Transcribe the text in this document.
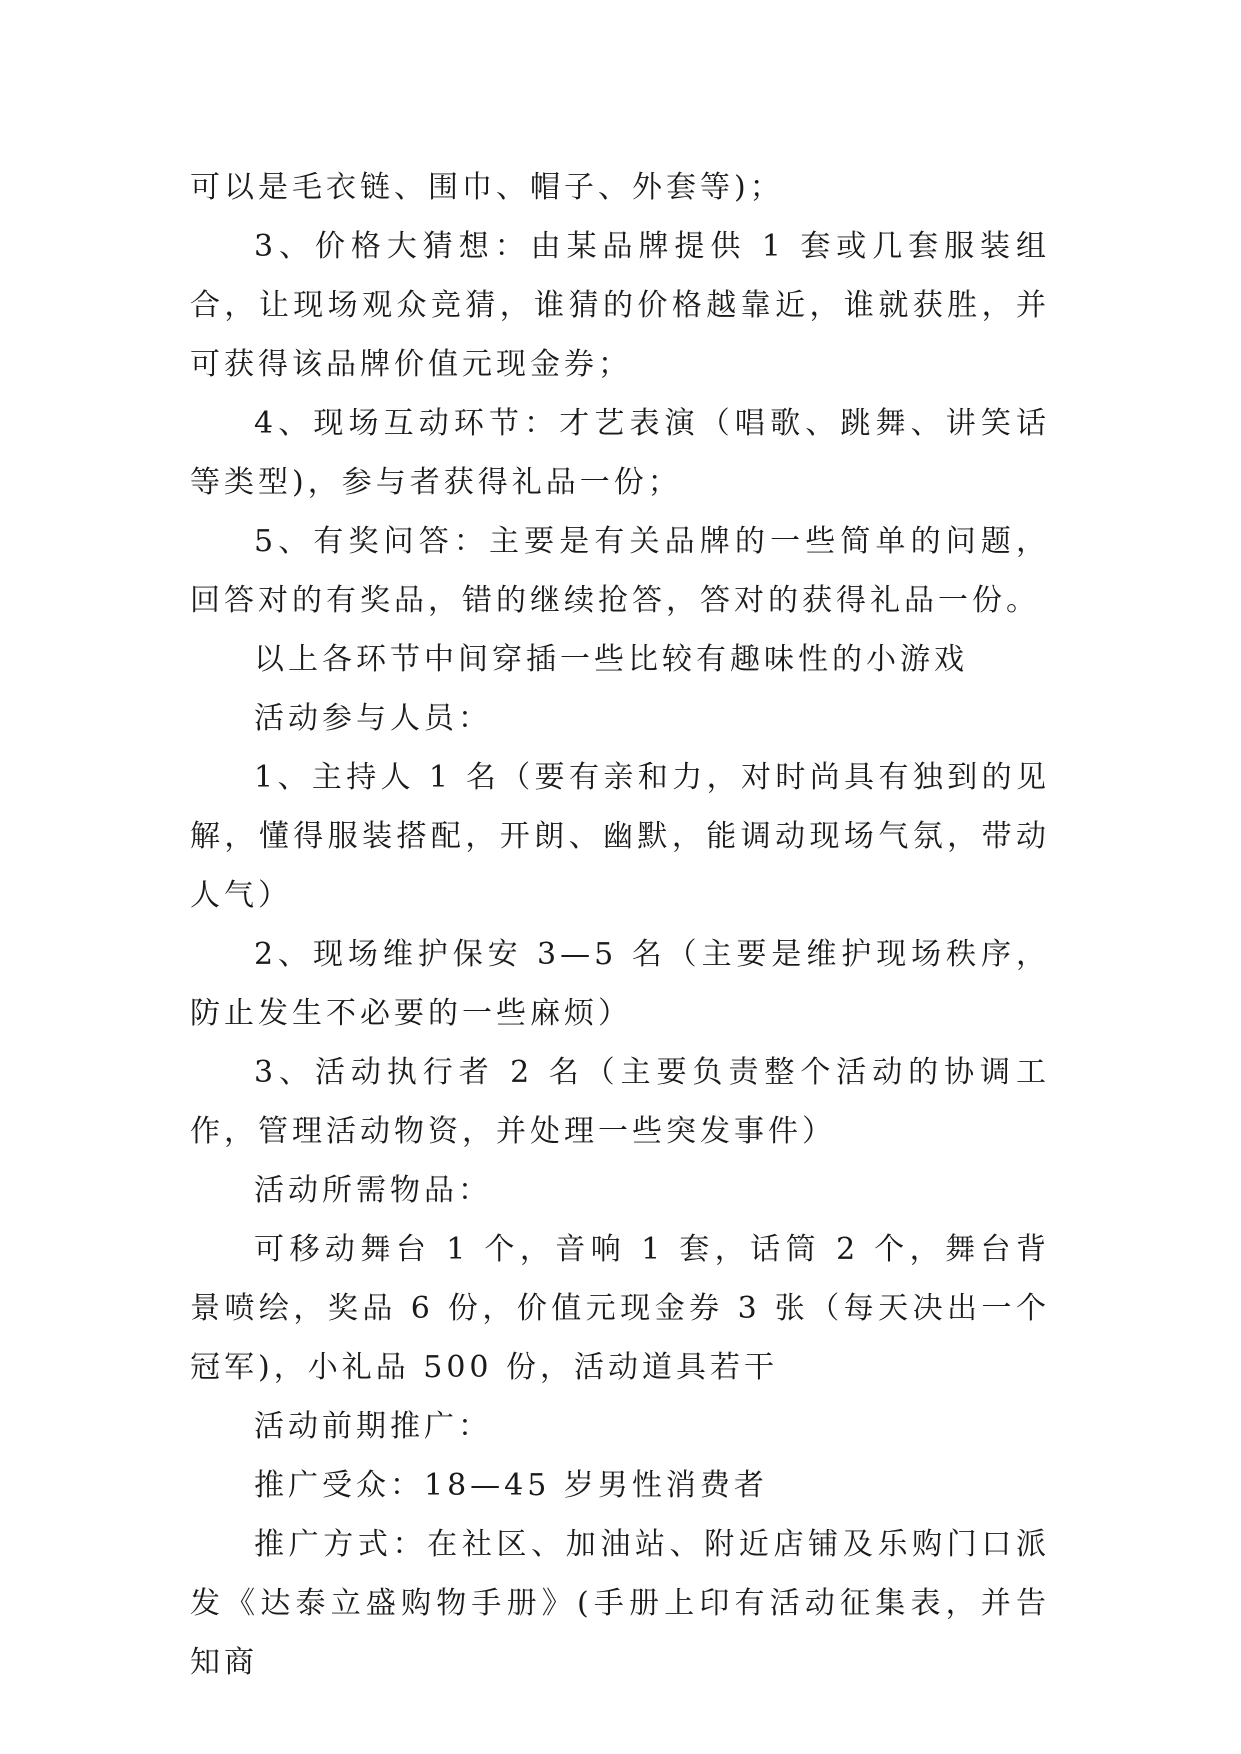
可以是毛衣链、围巾、帽子、外套等)；

3、价格大猜想：由某品牌提供 1 套或几套服装组合，让现场观众竞猜，谁猜的价格越靠近，谁就获胜，并可获得该品牌价值元现金券；

4、现场互动环节：才艺表演（唱歌、跳舞、讲笑话等类型)，参与者获得礼品一份；

5、有奖问答：主要是有关品牌的一些简单的问题，回答对的有奖品，错的继续抢答，答对的获得礼品一份。

以上各环节中间穿插一些比较有趣味性的小游戏

活动参与人员：

1、主持人 1 名（要有亲和力，对时尚具有独到的见解，懂得服装搭配，开朗、幽默，能调动现场气氛，带动人气）

2、现场维护保安 3—5 名（主要是维护现场秩序，防止发生不必要的一些麻烦）

3、活动执行者 2 名（主要负责整个活动的协调工作，管理活动物资，并处理一些突发事件）

活动所需物品：

可移动舞台 1 个，音响 1 套，话筒 2 个，舞台背景喷绘，奖品 6 份，价值元现金券 3 张（每天决出一个冠军)，小礼品 500 份，活动道具若干

活动前期推广：

推广受众：18—45 岁男性消费者

推广方式：在社区、加油站、附近店铺及乐购门口派发《达泰立盛购物手册》(手册上印有活动征集表，并告知商
